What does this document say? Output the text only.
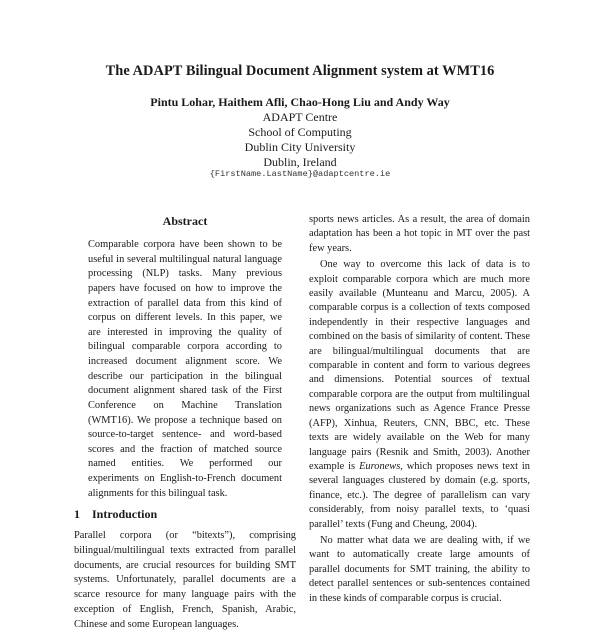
The ADAPT Bilingual Document Alignment system at WMT16
Pintu Lohar, Haithem Afli, Chao-Hong Liu and Andy Way
ADAPT Centre
School of Computing
Dublin City University
Dublin, Ireland
{FirstName.LastName}@adaptcentre.ie
Abstract
Comparable corpora have been shown to be useful in several multilingual natural language processing (NLP) tasks. Many previous papers have focused on how to improve the extraction of parallel data from this kind of corpus on different levels. In this paper, we are interested in improving the quality of bilingual comparable corpora according to increased document alignment score. We describe our participation in the bilingual document alignment shared task of the First Conference on Machine Translation (WMT16). We propose a technique based on source-to-target sentence- and word-based scores and the fraction of matched source named entities. We performed our experiments on English-to-French document alignments for this bilingual task.
1 Introduction
Parallel corpora (or “bitexts”), comprising bilingual/multilingual texts extracted from parallel documents, are crucial resources for building SMT systems. Unfortunately, parallel documents are a scarce resource for many language pairs with the exception of English, French, Spanish, Arabic, Chinese and some European languages.

sports news articles. As a result, the area of domain adaptation has been a hot topic in MT over the past few years.

One way to overcome this lack of data is to exploit comparable corpora which are much more easily available (Munteanu and Marcu, 2005). A comparable corpus is a collection of texts composed independently in their respective languages and combined on the basis of similarity of content. These are bilingual/multilingual documents that are comparable in content and form to various degrees and dimensions. Potential sources of textual comparable corpora are the output from multilingual news organizations such as Agence France Presse (AFP), Xinhua, Reuters, CNN, BBC, etc. These texts are widely available on the Web for many language pairs (Resnik and Smith, 2003). Another example is Euronews, which proposes news text in several languages clustered by domain (e.g. sports, finance, etc.). The degree of parallelism can vary considerably, from noisy parallel texts, to ‘quasi parallel’ texts (Fung and Cheung, 2004).

No matter what data we are dealing with, if we want to automatically create large amounts of parallel documents for SMT training, the ability to detect parallel sentences or sub-sentences contained in these kinds of comparable corpus is crucial.
